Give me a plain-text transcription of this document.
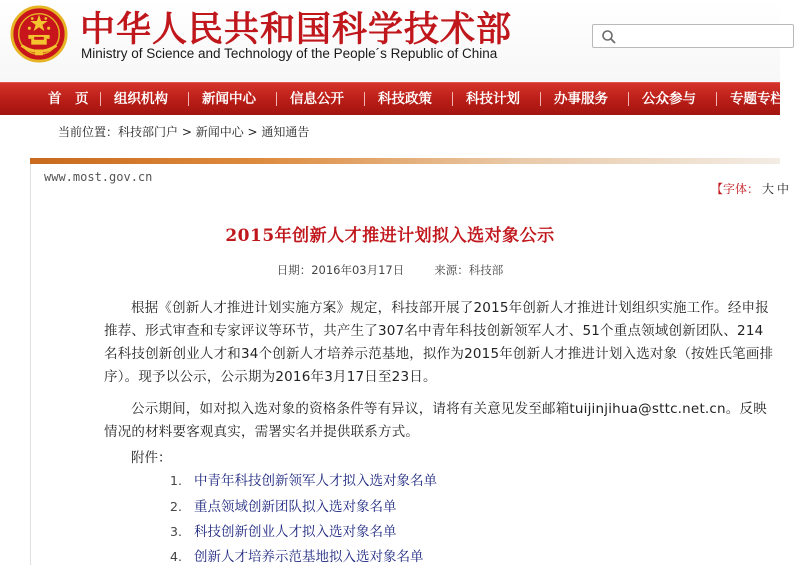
中华人民共和国科学技术部
Ministry of Science and Technology of the People´s Republic of China
首　页 组织机构	新闻中心	信息公开	科技政策	科技计划	办事服务	公众参与	专题专栏
当前位置：科技部门户 > 新闻中心 > 通知通告
www.most.gov.cn
【字体： 大 中
2015年创新人才推进计划拟入选对象公示
日期：2016年03月17日	来源：科技部
根据《创新人才推进计划实施方案》规定，科技部开展了2015年创新人才推进计划组织实施工作。经申报推荐、形式审查和专家评议等环节，共产生了307名中青年科技创新领军人才、51个重点领域创新团队、214名科技创新创业人才和34个创新人才培养示范基地，拟作为2015年创新人才推进计划入选对象（按姓氏笔画排序）。现予以公示，公示期为2016年3月17日至23日。
公示期间，如对拟入选对象的资格条件等有异议，请将有关意见发至邮箱tuijinjihua@sttc.net.cn。反映情况的材料要客观真实，需署实名并提供联系方式。
附件：
1. 中青年科技创新领军人才拟入选对象名单
2. 重点领域创新团队拟入选对象名单
3. 科技创新创业人才拟入选对象名单
4. 创新人才培养示范基地拟入选对象名单
